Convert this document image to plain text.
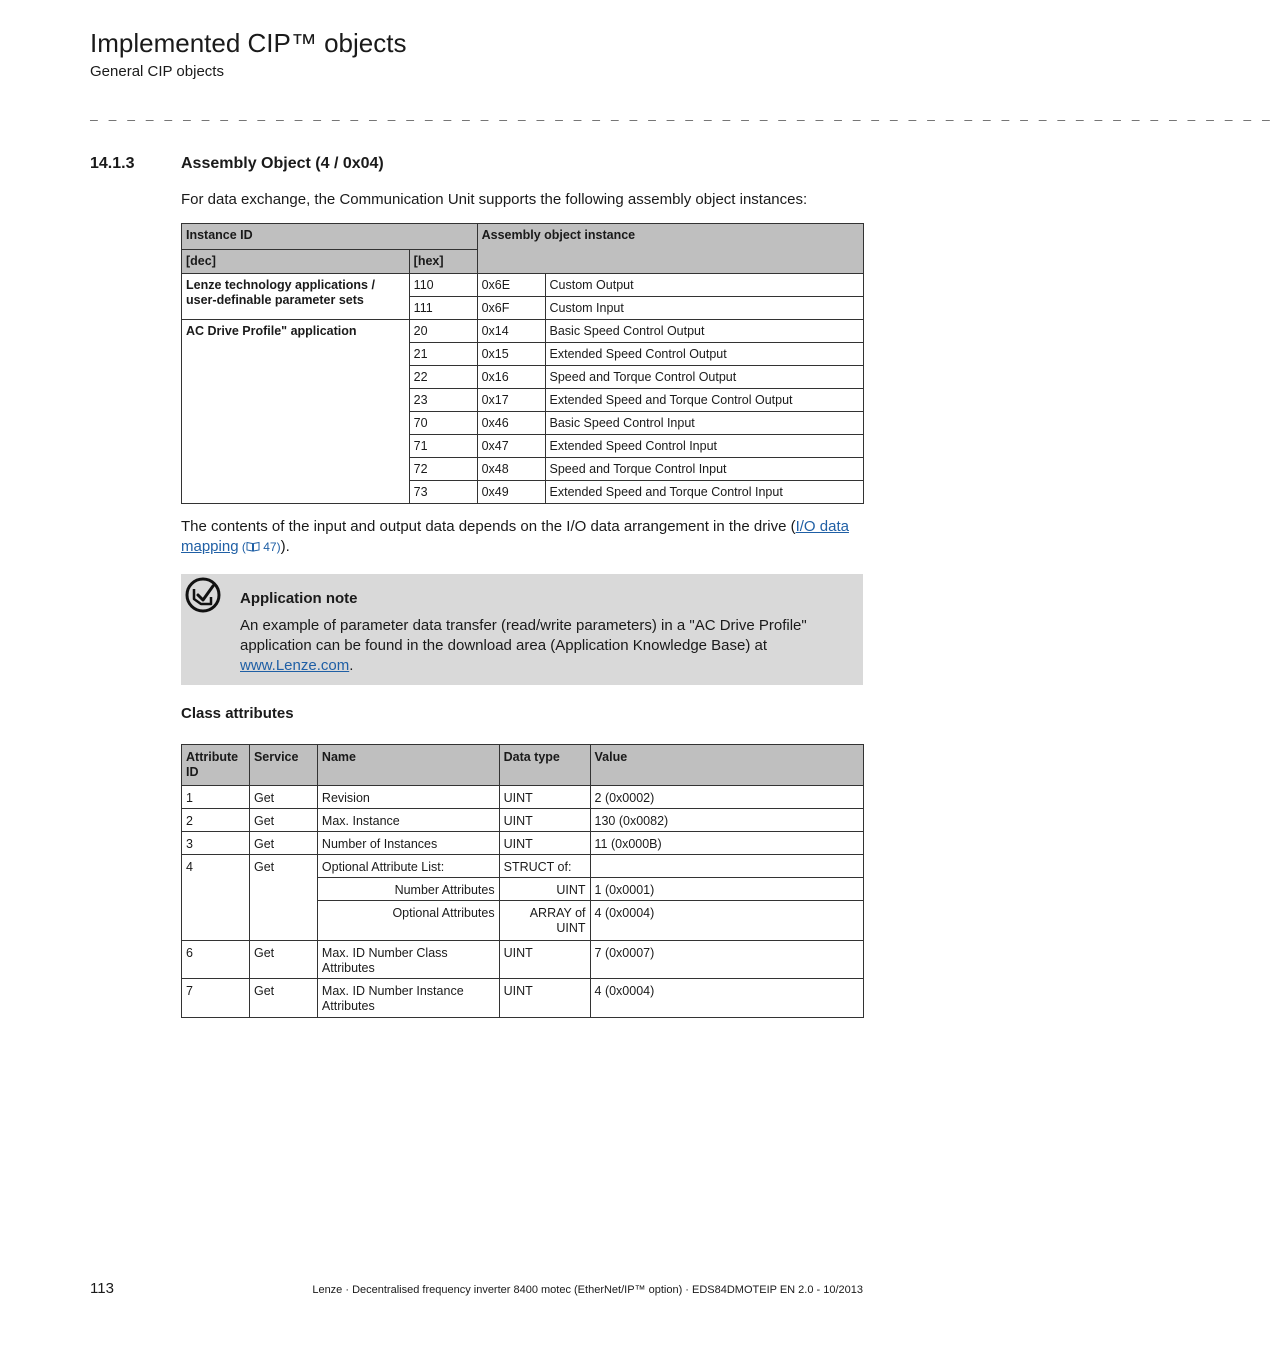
Implemented CIP™ objects
General CIP objects
_ _ _ _ _ _ _ _ _ _ _ _ _ _ _ _ _ _ _ _ _ _ _ _ _ _ _ _ _ _ _ _ _ _ _ _ _ _ _ _ _ _ _ _ _ _ _ _ _ _ _ _ _ _ _ _ _ _ _ _ _ _ _ _
14.1.3	Assembly Object (4 / 0x04)
For data exchange, the Communication Unit supports the following assembly object instances:
Instance ID		Assembly object instance	
[dec]	[hex]		
Lenze technology applications / user-definable parameter sets	110	0x6E	Custom Output
	111	0x6F	Custom Input
AC Drive Profile" application	20	0x14	Basic Speed Control Output
	21	0x15	Extended Speed Control Output
	22	0x16	Speed and Torque Control Output
	23	0x17	Extended Speed and Torque Control Output
	70	0x46	Basic Speed Control Input
	71	0x47	Extended Speed Control Input
	72	0x48	Speed and Torque Control Input
	73	0x49	Extended Speed and Torque Control Input
The contents of the input and output data depends on the I/O data arrangement in the drive (I/O data mapping ( 47)).
Application note
An example of parameter data transfer (read/write parameters) in a "AC Drive Profile" application can be found in the download area (Application Knowledge Base) at www.Lenze.com.
Class attributes
Attribute ID	Service	Name	Data type	Value
1	Get	Revision	UINT	2 (0x0002)
2	Get	Max. Instance	UINT	130 (0x0082)
3	Get	Number of Instances	UINT	11 (0x000B)
4	Get	Optional Attribute List:	STRUCT of:	
		Number Attributes	UINT	1 (0x0001)
		Optional Attributes	ARRAY of UINT	4 (0x0004)
6	Get	Max. ID Number Class Attributes	UINT	7 (0x0007)
7	Get	Max. ID Number Instance Attributes	UINT	4 (0x0004)
113	Lenze · Decentralised frequency inverter 8400 motec (EtherNet/IP™ option) · EDS84DMOTEIP EN 2.0 - 10/2013
